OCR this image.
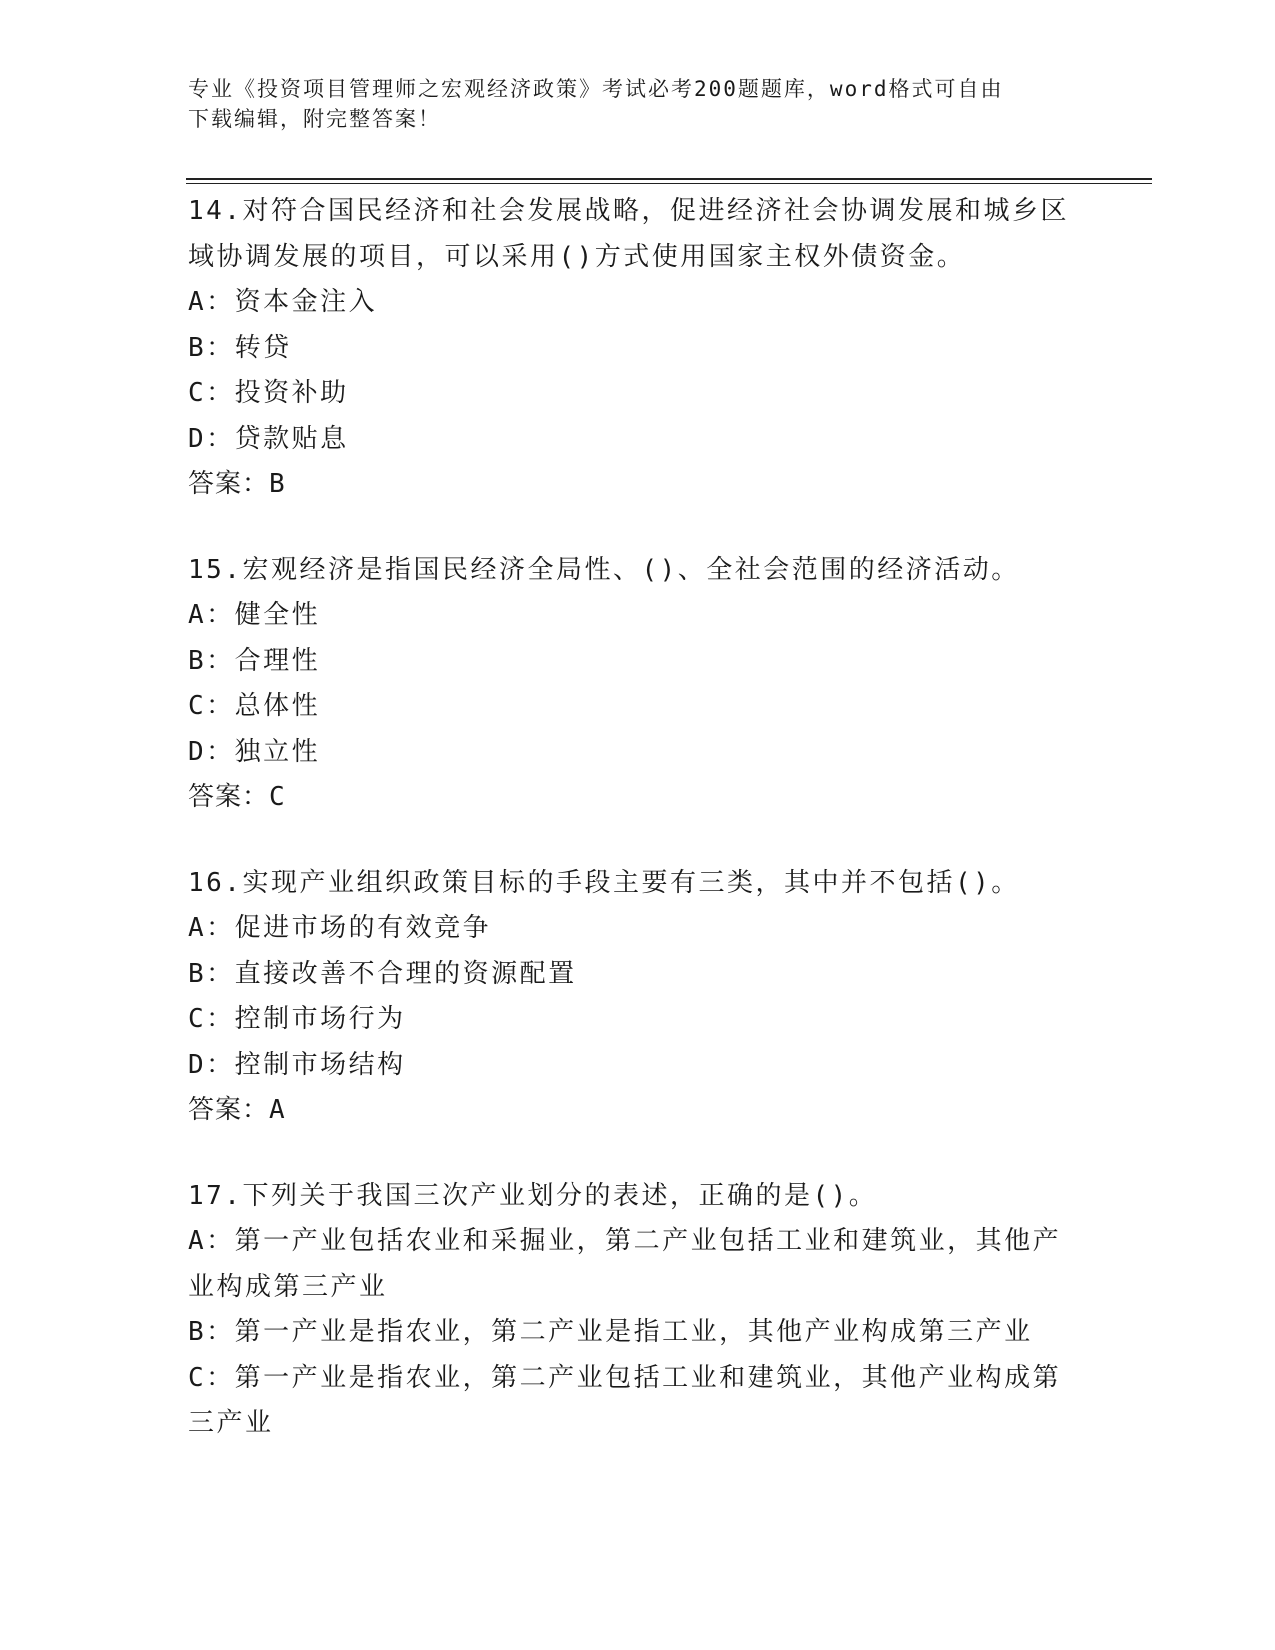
专业《投资项目管理师之宏观经济政策》考试必考200题题库，word格式可自由
下载编辑，附完整答案！
14.对符合国民经济和社会发展战略，促进经济社会协调发展和城乡区
域协调发展的项目，可以采用()方式使用国家主权外债资金。
A：资本金注入
B：转贷
C：投资补助
D：贷款贴息
答案：B
15.宏观经济是指国民经济全局性、()、全社会范围的经济活动。
A：健全性
B：合理性
C：总体性
D：独立性
答案：C
16.实现产业组织政策目标的手段主要有三类，其中并不包括()。
A：促进市场的有效竞争
B：直接改善不合理的资源配置
C：控制市场行为
D：控制市场结构
答案：A
17.下列关于我国三次产业划分的表述，正确的是()。
A：第一产业包括农业和采掘业，第二产业包括工业和建筑业，其他产
业构成第三产业
B：第一产业是指农业，第二产业是指工业，其他产业构成第三产业
C：第一产业是指农业，第二产业包括工业和建筑业，其他产业构成第
三产业
